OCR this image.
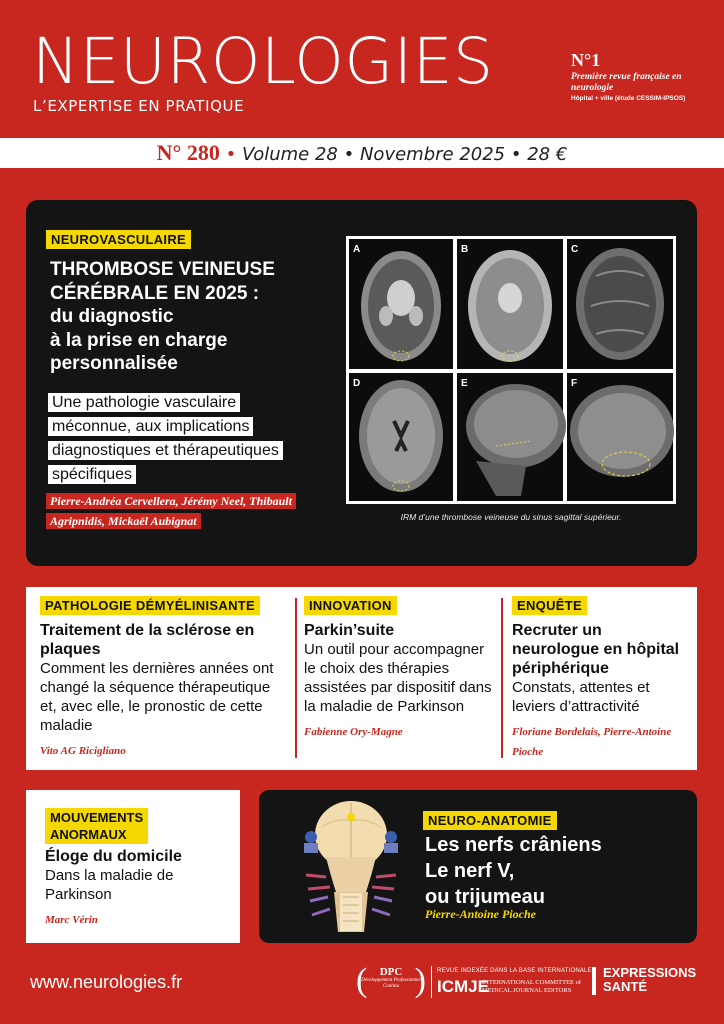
NEUROLOGIES
L’EXPERTISE EN PRATIQUE
N°1
Première revue française en neurologie
Hôpital + ville (étude CESSIM-IPSOS)
N° 280 • Volume 28 • Novembre 2025 • 28 €
NEUROVASCULAIRE
THROMBOSE VEINEUSE
CÉRÉBRALE EN 2025 :
du diagnostic
à la prise en charge
personnalisée
Une pathologie vasculaire méconnue, aux implications diagnostiques et thérapeutiques spécifiques
Pierre-Andréa Cervellera, Jérémy Neel, Thibault Agripnidis, Mickaël Aubignat
A	B	C
D	E	F
IRM d’une thrombose veineuse du sinus sagittal supérieur.
PATHOLOGIE DÉMYÉLINISANTE
Traitement de la sclérose en plaques
Comment les dernières années ont changé la séquence thérapeutique et, avec elle, le pronostic de cette maladie
Vito AG Ricigliano
INNOVATION
Parkin’suite
Un outil pour accompagner le choix des thérapies assistées par dispositif dans la maladie de Parkinson
Fabienne Ory-Magne
ENQUÊTE
Recruter un neurologue en hôpital périphérique
Constats, attentes et leviers d’attractivité
Floriane Bordelais, Pierre-Antoine Pioche
MOUVEMENTS
ANORMAUX
Éloge du domicile
Dans la maladie de Parkinson
Marc Vérin
NEURO-ANATOMIE
Les nerfs crâniens
Le nerf V,
ou trijumeau
Pierre-Antoine Pioche
www.neurologies.fr	( )
DPC
Développement Professionnel Continu
REVUE INDEXÉE DANS LA BASE INTERNATIONALE
ICMJE
INTERNATIONAL COMMITTEE of MEDICAL JOURNAL EDITORS
EXPRESSIONS
SANTÉ
